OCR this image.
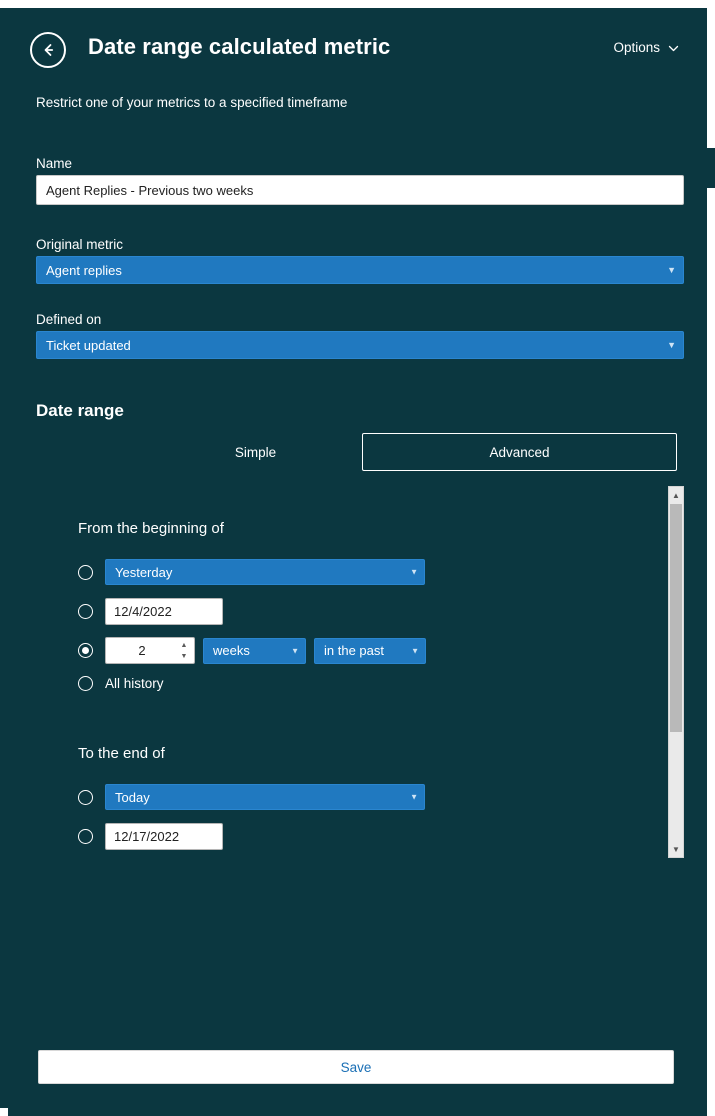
Date range calculated metric	Options
Restrict one of your metrics to a specified timeframe
Name
Agent Replies - Previous two weeks
Original metric
Agent replies	▼
Defined on
Ticket updated	▼
Date range
Simple	Advanced
From the beginning of
Yesterday	▼
12/4/2022
2
▲
▼	weeks	▼ in the past	▼
All history
To the end of
Today	▼
12/17/2022
▲
▼
Save
